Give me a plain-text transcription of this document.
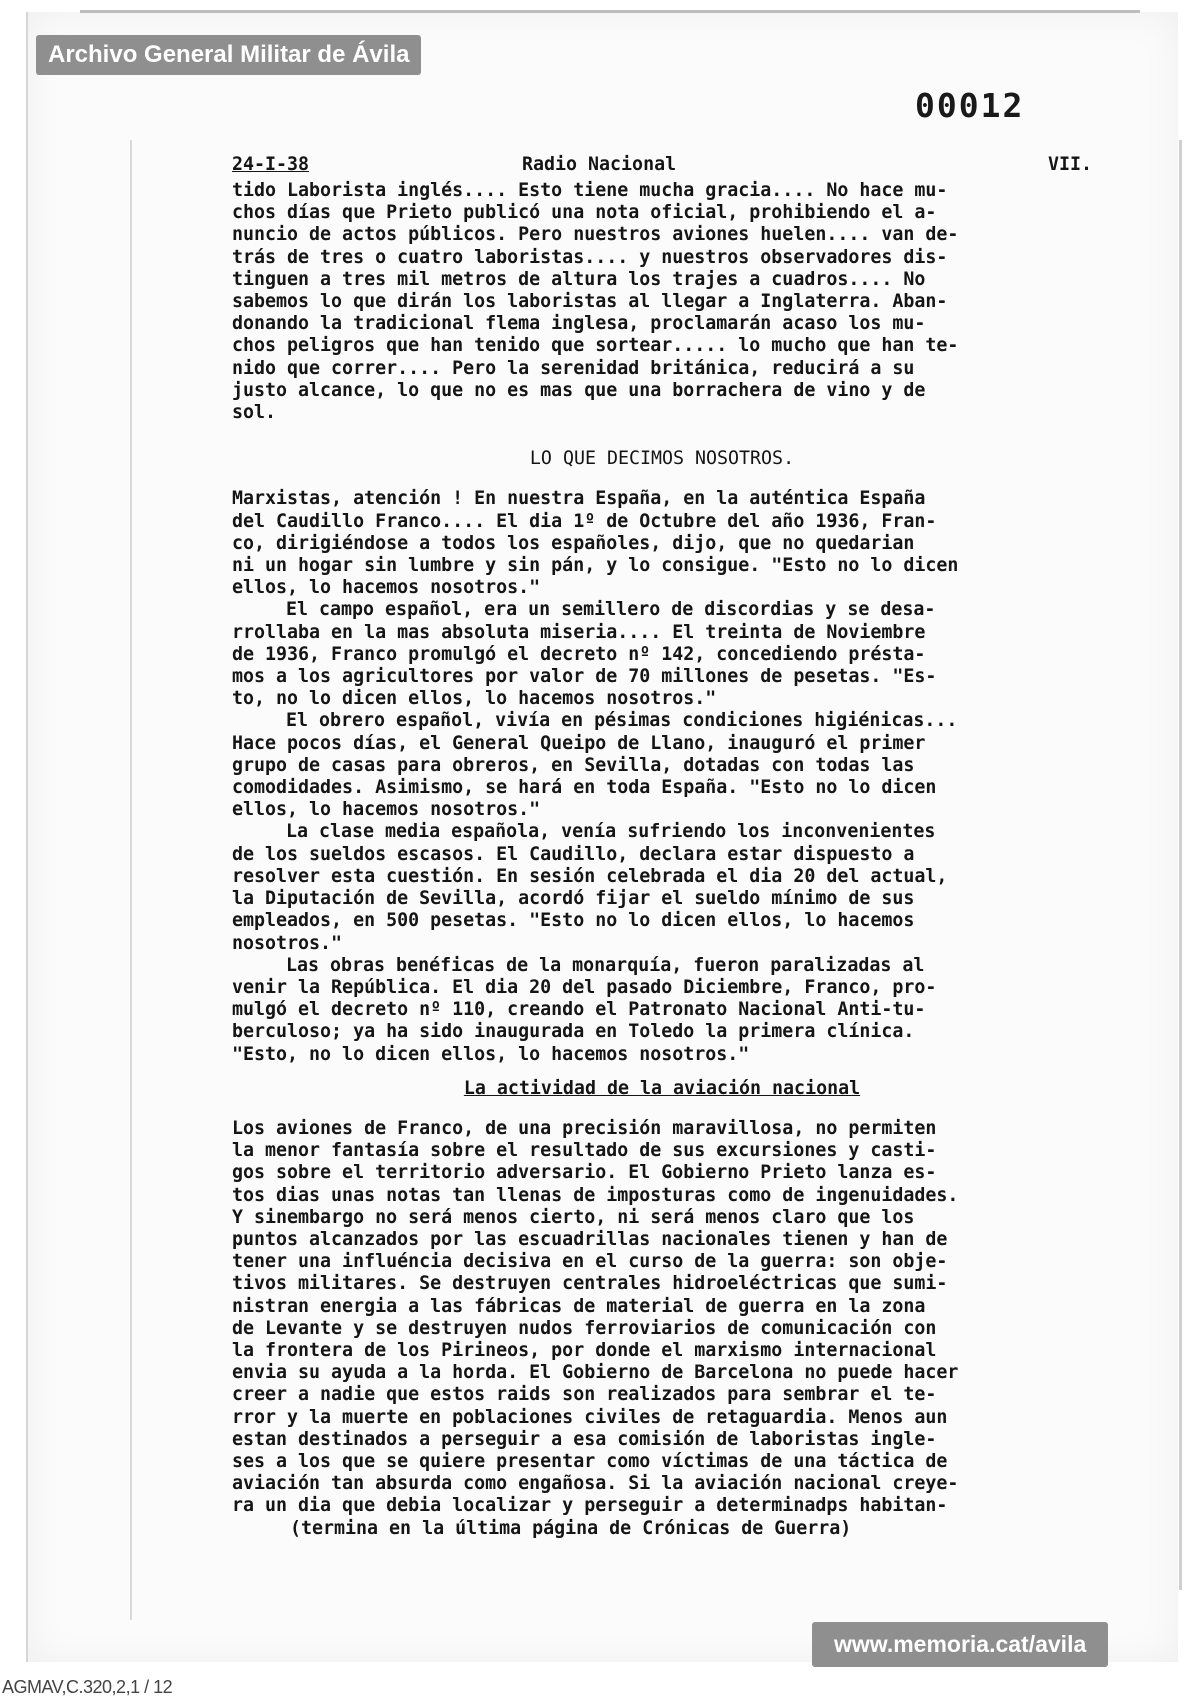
Archivo General Militar de Ávila
00012
24-I-38	Radio Nacional	VII.
tido Laborista inglés.... Esto tiene mucha gracia.... No hace mu-
chos días que Prieto publicó una nota oficial, prohibiendo el a-
nuncio de actos públicos. Pero nuestros aviones huelen.... van de-
trás de tres o cuatro laboristas.... y nuestros observadores dis-
tinguen a tres mil metros de altura los trajes a cuadros.... No
sabemos lo que dirán los laboristas al llegar a Inglaterra. Aban-
donando la tradicional flema inglesa, proclamarán acaso los mu-
chos peligros que han tenido que sortear..... lo mucho que han te-
nido que correr.... Pero la serenidad británica, reducirá a su
justo alcance, lo que no es mas que una borrachera de vino y de
sol.
LO QUE DECIMOS NOSOTROS.
Marxistas, atención ! En nuestra España, en la auténtica España
del Caudillo Franco.... El dia 1º de Octubre del año 1936, Fran-
co, dirigiéndose a todos los españoles, dijo, que no quedarian
ni un hogar sin lumbre y sin pán, y lo consigue. "Esto no lo dicen
ellos, lo hacemos nosotros."
El campo español, era un semillero de discordias y se desa-
rrollaba en la mas absoluta miseria.... El treinta de Noviembre
de 1936, Franco promulgó el decreto nº 142, concediendo présta-
mos a los agricultores por valor de 70 millones de pesetas. "Es-
to, no lo dicen ellos, lo hacemos nosotros."
El obrero español, vivía en pésimas condiciones higiénicas...
Hace pocos días, el General Queipo de Llano, inauguró el primer
grupo de casas para obreros, en Sevilla, dotadas con todas las
comodidades. Asimismo, se hará en toda España. "Esto no lo dicen
ellos, lo hacemos nosotros."
La clase media española, venía sufriendo los inconvenientes
de los sueldos escasos. El Caudillo, declara estar dispuesto a
resolver esta cuestión. En sesión celebrada el dia 20 del actual,
la Diputación de Sevilla, acordó fijar el sueldo mínimo de sus
empleados, en 500 pesetas. "Esto no lo dicen ellos, lo hacemos
nosotros."
Las obras benéficas de la monarquía, fueron paralizadas al
venir la República. El dia 20 del pasado Diciembre, Franco, pro-
mulgó el decreto nº 110, creando el Patronato Nacional Anti-tu-
berculoso; ya ha sido inaugurada en Toledo la primera clínica.
"Esto, no lo dicen ellos, lo hacemos nosotros."
La actividad de la aviación nacional
Los aviones de Franco, de una precisión maravillosa, no permiten
la menor fantasía sobre el resultado de sus excursiones y casti-
gos sobre el territorio adversario. El Gobierno Prieto lanza es-
tos dias unas notas tan llenas de imposturas como de ingenuidades.
Y sinembargo no será menos cierto, ni será menos claro que los
puntos alcanzados por las escuadrillas nacionales tienen y han de
tener una influéncia decisiva en el curso de la guerra: son obje-
tivos militares. Se destruyen centrales hidroeléctricas que sumi-
nistran energia a las fábricas de material de guerra en la zona
de Levante y se destruyen nudos ferroviarios de comunicación con
la frontera de los Pirineos, por donde el marxismo internacional
envia su ayuda a la horda. El Gobierno de Barcelona no puede hacer
creer a nadie que estos raids son realizados para sembrar el te-
rror y la muerte en poblaciones civiles de retaguardia. Menos aun
estan destinados a perseguir a esa comisión de laboristas ingle-
ses a los que se quiere presentar como víctimas de una táctica de
aviación tan absurda como engañosa. Si la aviación nacional creye-
ra un dia que debia localizar y perseguir a determinadps habitan-
(termina en la última página de Crónicas de Guerra)
www.memoria.cat/avila
AGMAV,C.320,2,1 / 12
